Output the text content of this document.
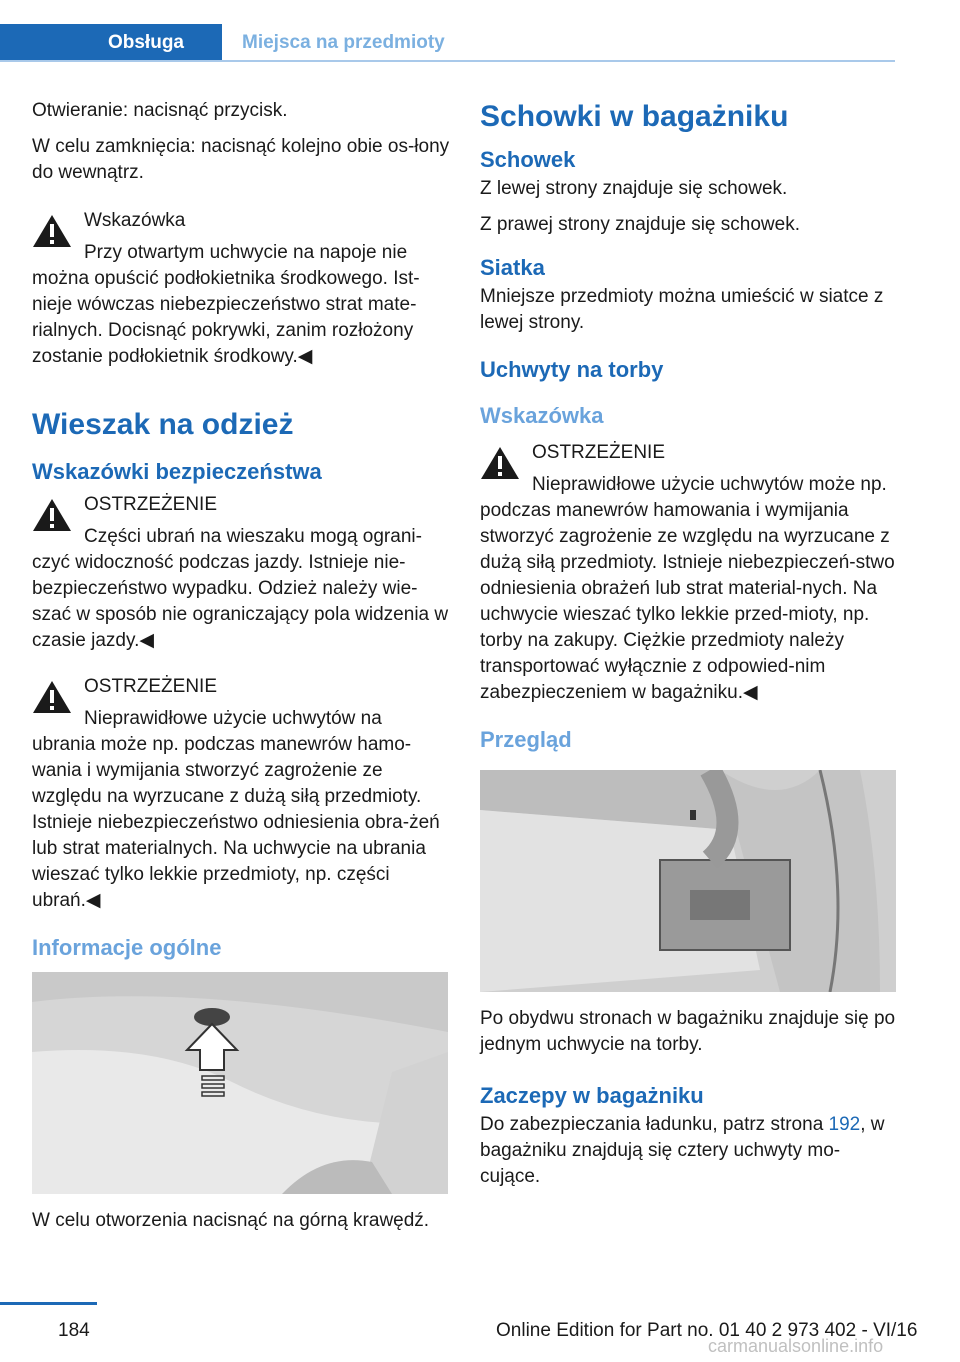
Obsługa	Miejsca na przedmioty

Otwieranie: nacisnąć przycisk.

W celu zamknięcia: nacisnąć kolejno obie os‐łony do wewnątrz.

Wskazówka

Przy otwartym uchwycie na napoje nie można opuścić podłokietnika środkowego. Ist‐nieje wówczas niebezpieczeństwo strat mate‐rialnych. Docisnąć pokrywki, zanim rozłożony zostanie podłokietnik środkowy.◀

Wieszak na odzież
Wskazówki bezpieczeństwa
OSTRZEŻENIE

Części ubrań na wieszaku mogą ograni‐czyć widoczność podczas jazdy. Istnieje nie‐bezpieczeństwo wypadku. Odzież należy wie‐szać w sposób nie ograniczający pola widzenia w czasie jazdy.◀

OSTRZEŻENIE

Nieprawidłowe użycie uchwytów na ubrania może np. podczas manewrów hamo‐wania i wymijania stworzyć zagrożenie ze względu na wyrzucane z dużą siłą przedmioty. Istnieje niebezpieczeństwo odniesienia obra‐żeń lub strat materialnych. Na uchwycie na ubrania wieszać tylko lekkie przedmioty, np. części ubrań.◀

Informacje ogólne

W celu otworzenia nacisnąć na górną krawędź.

Schowki w bagażniku
Schowek

Z lewej strony znajduje się schowek.

Z prawej strony znajduje się schowek.

Siatka

Mniejsze przedmioty można umieścić w siatce z lewej strony.

Uchwyty na torby
Wskazówka
OSTRZEŻENIE

Nieprawidłowe użycie uchwytów może np. podczas manewrów hamowania i wymijania stworzyć zagrożenie ze względu na wyrzucane z dużą siłą przedmioty. Istnieje niebezpieczeń‐stwo odniesienia obrażeń lub strat material‐nych. Na uchwycie wieszać tylko lekkie przed‐mioty, np. torby na zakupy. Ciężkie przedmioty należy transportować wyłącznie z odpowied‐nim zabezpieczeniem w bagażniku.◀

Przegląd

Po obydwu stronach w bagażniku znajduje się po jednym uchwycie na torby.

Zaczepy w bagażniku

Do zabezpieczania ładunku, patrz strona 192, w bagażniku znajdują się cztery uchwyty mo‐cujące.

184	Online Edition for Part no. 01 40 2 973 402 - VI/16
carmanualsonline.info
